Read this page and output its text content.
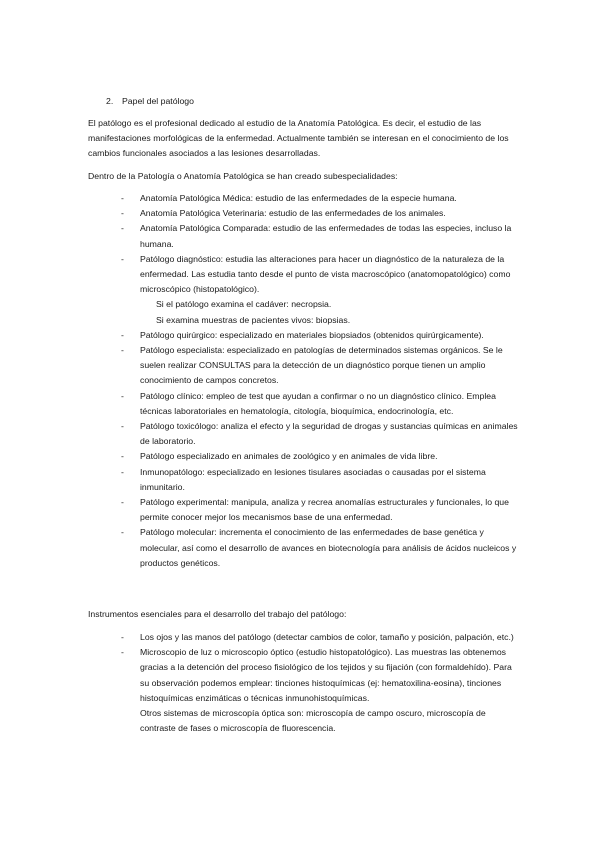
2. Papel del patólogo
El patólogo es el profesional dedicado al estudio de la Anatomía Patológica. Es decir, el estudio de las manifestaciones morfológicas de la enfermedad. Actualmente también se interesan en el conocimiento de los cambios funcionales asociados a las lesiones desarrolladas.
Dentro de la Patología o Anatomía Patológica se han creado subespecialidades:
- Anatomía Patológica Médica: estudio de las enfermedades de la especie humana.
- Anatomía Patológica Veterinaria: estudio de las enfermedades de los animales.
- Anatomía Patológica Comparada: estudio de las enfermedades de todas las especies, incluso la humana.
- Patólogo diagnóstico: estudia las alteraciones para hacer un diagnóstico de la naturaleza de la enfermedad. Las estudia tanto desde el punto de vista macroscópico (anatomopatológico) como microscópico (histopatológico).
Si el patólogo examina el cadáver: necropsia.
Si examina muestras de pacientes vivos: biopsias.
- Patólogo quirúrgico: especializado en materiales biopsiados (obtenidos quirúrgicamente).
- Patólogo especialista: especializado en patologías de determinados sistemas orgánicos. Se le suelen realizar CONSULTAS para la detección de un diagnóstico porque tienen un amplio conocimiento de campos concretos.
- Patólogo clínico: empleo de test que ayudan a confirmar o no un diagnóstico clínico. Emplea técnicas laboratoriales en hematología, citología, bioquímica, endocrinología, etc.
- Patólogo toxicólogo: analiza el efecto y la seguridad de drogas y sustancias químicas en animales de laboratorio.
- Patólogo especializado en animales de zoológico y en animales de vida libre.
- Inmunopatólogo: especializado en lesiones tisulares asociadas o causadas por el sistema inmunitario.
- Patólogo experimental: manipula, analiza y recrea anomalías estructurales y funcionales, lo que permite conocer mejor los mecanismos base de una enfermedad.
- Patólogo molecular: incrementa el conocimiento de las enfermedades de base genética y molecular, así como el desarrollo de avances en biotecnología para análisis de ácidos nucleicos y productos genéticos.
Instrumentos esenciales para el desarrollo del trabajo del patólogo:
- Los ojos y las manos del patólogo (detectar cambios de color, tamaño y posición, palpación, etc.)
- Microscopio de luz o microscopio óptico (estudio histopatológico). Las muestras las obtenemos gracias a la detención del proceso fisiológico de los tejidos y su fijación (con formaldehído). Para su observación podemos emplear: tinciones histoquímicas (ej: hematoxilina-eosina), tinciones histoquímicas enzimáticas o técnicas inmunohistoquímicas.
Otros sistemas de microscopía óptica son: microscopía de campo oscuro, microscopía de contraste de fases o microscopía de fluorescencia.
